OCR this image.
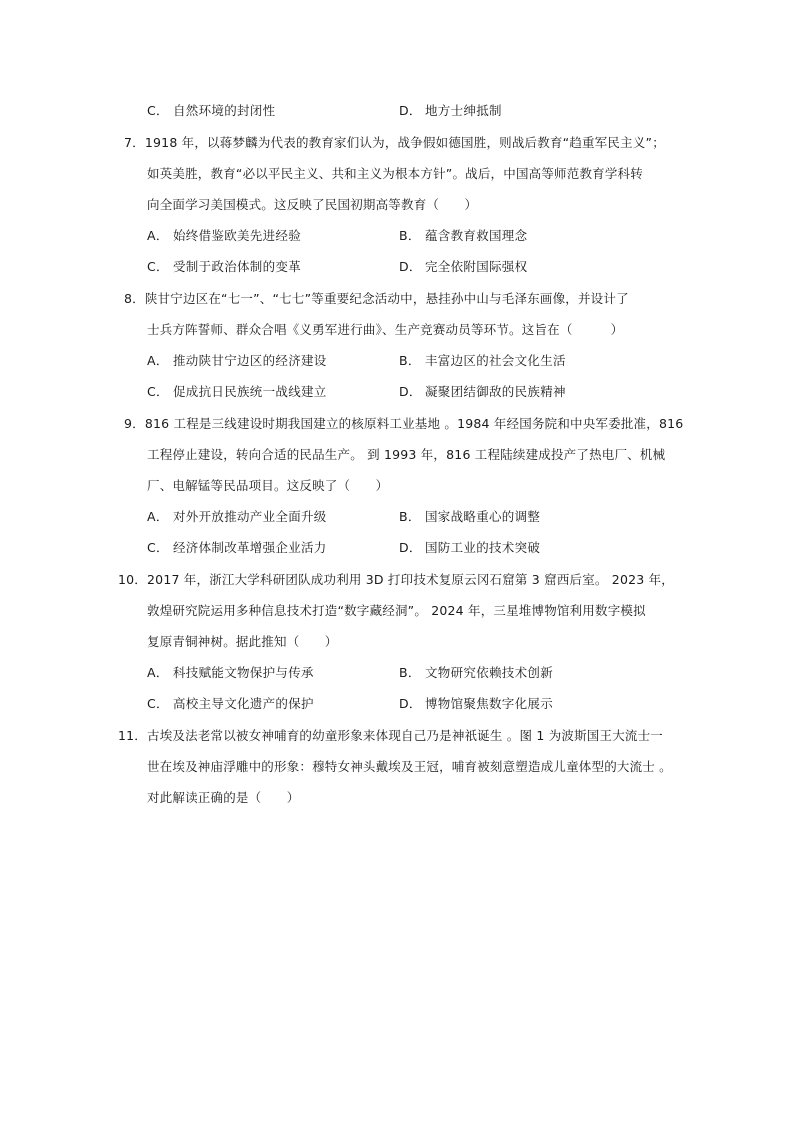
C． 自然环境的封闭性	D． 地方士绅抵制
7．1918 年，以蒋梦麟为代表的教育家们认为，战争假如德国胜，则战后教育“趋重军民主义”；
如英美胜，教育“必以平民主义、共和主义为根本方针”。战后，中国高等师范教育学科转
向全面学习美国模式。这反映了民国初期高等教育（　　）
A． 始终借鉴欧美先进经验	B． 蕴含教育救国理念
C． 受制于政治体制的变革	D． 完全依附国际强权
8．陕甘宁边区在“七一”、“七七”等重要纪念活动中，悬挂孙中山与毛泽东画像，并设计了
士兵方阵誓师、群众合唱《义勇军进行曲》、生产竞赛动员等环节。这旨在（　　　）
A． 推动陕甘宁边区的经济建设	B． 丰富边区的社会文化生活
C． 促成抗日民族统一战线建立	D． 凝聚团结御敌的民族精神
9．816 工程是三线建设时期我国建立的核原料工业基地 。1984 年经国务院和中央军委批准，816
工程停止建设，转向合适的民品生产。 到 1993 年，816 工程陆续建成投产了热电厂、机械
厂、电解锰等民品项目。这反映了（　　）
A． 对外开放推动产业全面升级	B． 国家战略重心的调整
C． 经济体制改革增强企业活力	D． 国防工业的技术突破
10．2017 年，浙江大学科研团队成功利用 3D 打印技术复原云冈石窟第 3 窟西后室。 2023 年，
敦煌研究院运用多种信息技术打造“数字藏经洞”。 2024 年，三星堆博物馆利用数字模拟
复原青铜神树。据此推知（　　）
A． 科技赋能文物保护与传承	B． 文物研究依赖技术创新
C． 高校主导文化遗产的保护	D． 博物馆聚焦数字化展示
11．古埃及法老常以被女神哺育的幼童形象来体现自己乃是神祇诞生 。图 1 为波斯国王大流士一
世在埃及神庙浮雕中的形象：穆特女神头戴埃及王冠，哺育被刻意塑造成儿童体型的大流士 。
对此解读正确的是（　　）
